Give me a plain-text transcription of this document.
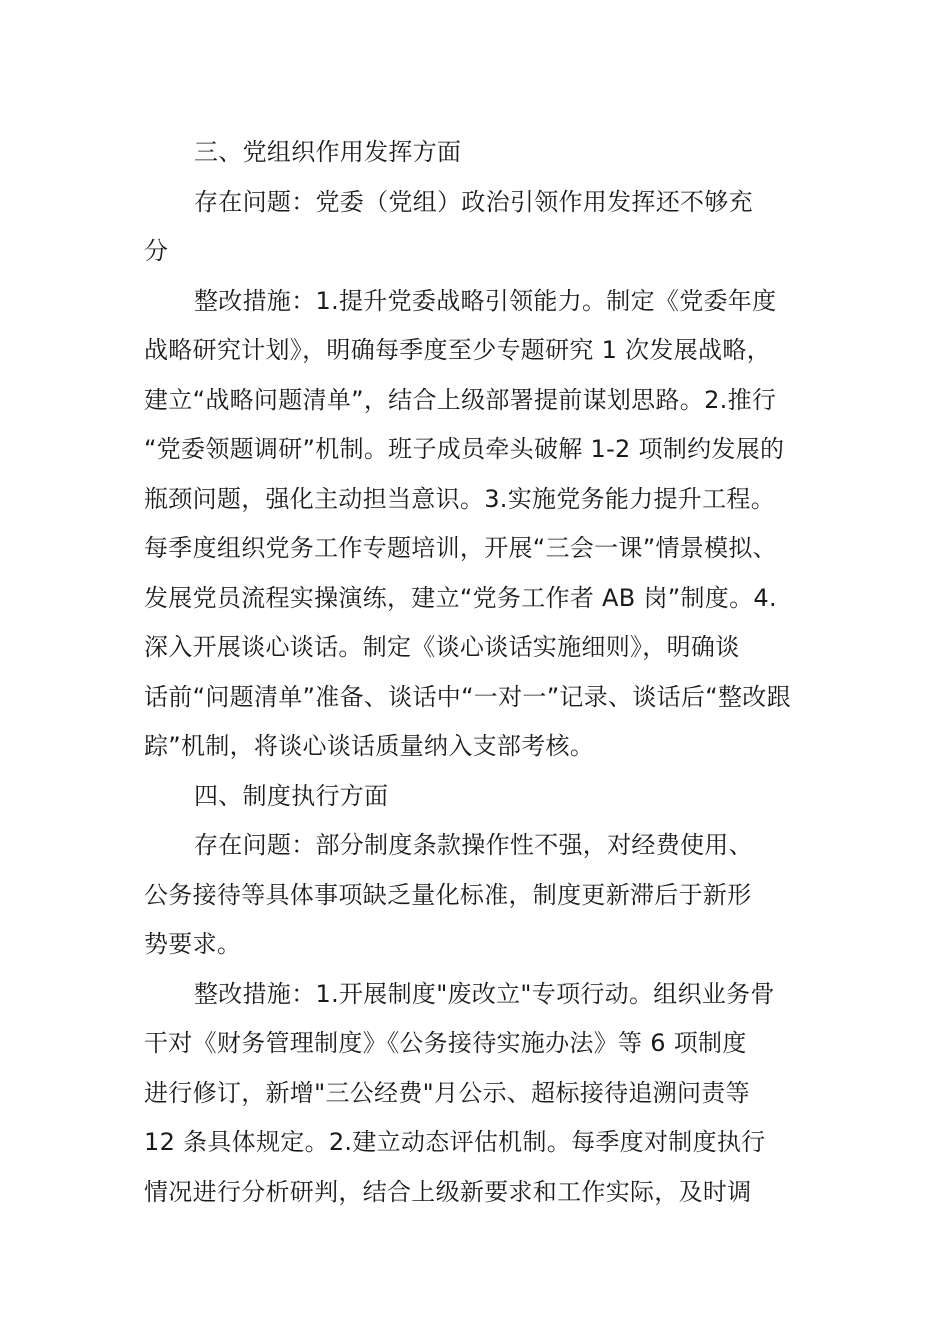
三、党组织作用发挥方面
存在问题：党委（党组）政治引领作用发挥还不够充
分
整改措施：1.提升党委战略引领能力。制定《党委年度
战略研究计划》，明确每季度至少专题研究 1 次发展战略，
建立“战略问题清单”，结合上级部署提前谋划思路。2.推行
“党委领题调研”机制。班子成员牵头破解 1-2 项制约发展的
瓶颈问题，强化主动担当意识。3.实施党务能力提升工程。
每季度组织党务工作专题培训，开展“三会一课”情景模拟、
发展党员流程实操演练，建立“党务工作者 AB 岗”制度。4.
深入开展谈心谈话。制定《谈心谈话实施细则》，明确谈
话前“问题清单”准备、谈话中“一对一”记录、谈话后“整改跟
踪”机制，将谈心谈话质量纳入支部考核。
四、制度执行方面
存在问题：部分制度条款操作性不强，对经费使用、
公务接待等具体事项缺乏量化标准，制度更新滞后于新形
势要求。
整改措施：1.开展制度"废改立"专项行动。组织业务骨
干对《财务管理制度》《公务接待实施办法》等 6 项制度
进行修订，新增"三公经费"月公示、超标接待追溯问责等
12 条具体规定。2.建立动态评估机制。每季度对制度执行
情况进行分析研判，结合上级新要求和工作实际，及时调
